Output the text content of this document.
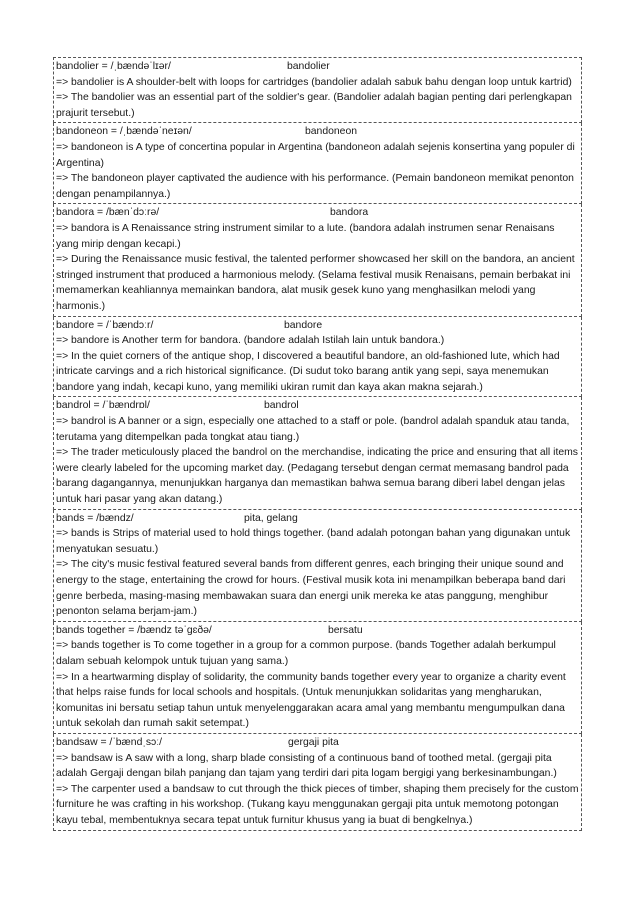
bandolier = /ˌbændəˈlɪər/	bandolier

=> bandolier is A shoulder-belt with loops for cartridges (bandolier adalah sabuk bahu dengan loop untuk kartrid)

=> The bandolier was an essential part of the soldier's gear. (Bandolier adalah bagian penting dari perlengkapan prajurit tersebut.)

bandoneon = /ˌbændəˈneɪən/	bandoneon

=> bandoneon is A type of concertina popular in Argentina (bandoneon adalah sejenis konsertina yang populer di Argentina)

=> The bandoneon player captivated the audience with his performance. (Pemain bandoneon memikat penonton dengan penampilannya.)

bandora = /bænˈdɔːrə/	bandora

=> bandora is A Renaissance string instrument similar to a lute. (bandora adalah instrumen senar Renaisans yang mirip dengan kecapi.)

=> During the Renaissance music festival, the talented performer showcased her skill on the bandora, an ancient stringed instrument that produced a harmonious melody. (Selama festival musik Renaisans, pemain berbakat ini memamerkan keahliannya memainkan bandora, alat musik gesek kuno yang menghasilkan melodi yang harmonis.)

bandore = /ˈbændɔːr/	bandore

=> bandore is Another term for bandora. (bandore adalah Istilah lain untuk bandora.)

=> In the quiet corners of the antique shop, I discovered a beautiful bandore, an old-fashioned lute, which had intricate carvings and a rich historical significance. (Di sudut toko barang antik yang sepi, saya menemukan bandore yang indah, kecapi kuno, yang memiliki ukiran rumit dan kaya akan makna sejarah.)

bandrol = /ˈbændrɒl/	bandrol

=> bandrol is A banner or a sign, especially one attached to a staff or pole. (bandrol adalah spanduk atau tanda, terutama yang ditempelkan pada tongkat atau tiang.)

=> The trader meticulously placed the bandrol on the merchandise, indicating the price and ensuring that all items were clearly labeled for the upcoming market day. (Pedagang tersebut dengan cermat memasang bandrol pada barang dagangannya, menunjukkan harganya dan memastikan bahwa semua barang diberi label dengan jelas untuk hari pasar yang akan datang.)

bands = /bændz/	pita, gelang

=> bands is Strips of material used to hold things together. (band adalah potongan bahan yang digunakan untuk menyatukan sesuatu.)

=> The city's music festival featured several bands from different genres, each bringing their unique sound and energy to the stage, entertaining the crowd for hours. (Festival musik kota ini menampilkan beberapa band dari genre berbeda, masing-masing membawakan suara dan energi unik mereka ke atas panggung, menghibur penonton selama berjam-jam.)

bands together = /bændz təˈɡɛðə/	bersatu

=> bands together is To come together in a group for a common purpose. (bands Together adalah berkumpul dalam sebuah kelompok untuk tujuan yang sama.)

=> In a heartwarming display of solidarity, the community bands together every year to organize a charity event that helps raise funds for local schools and hospitals. (Untuk menunjukkan solidaritas yang mengharukan, komunitas ini bersatu setiap tahun untuk menyelenggarakan acara amal yang membantu mengumpulkan dana untuk sekolah dan rumah sakit setempat.)

bandsaw = /ˈbændˌsɔː/	gergaji pita

=> bandsaw is A saw with a long, sharp blade consisting of a continuous band of toothed metal. (gergaji pita adalah Gergaji dengan bilah panjang dan tajam yang terdiri dari pita logam bergigi yang berkesinambungan.)

=> The carpenter used a bandsaw to cut through the thick pieces of timber, shaping them precisely for the custom furniture he was crafting in his workshop. (Tukang kayu menggunakan gergaji pita untuk memotong potongan kayu tebal, membentuknya secara tepat untuk furnitur khusus yang ia buat di bengkelnya.)
